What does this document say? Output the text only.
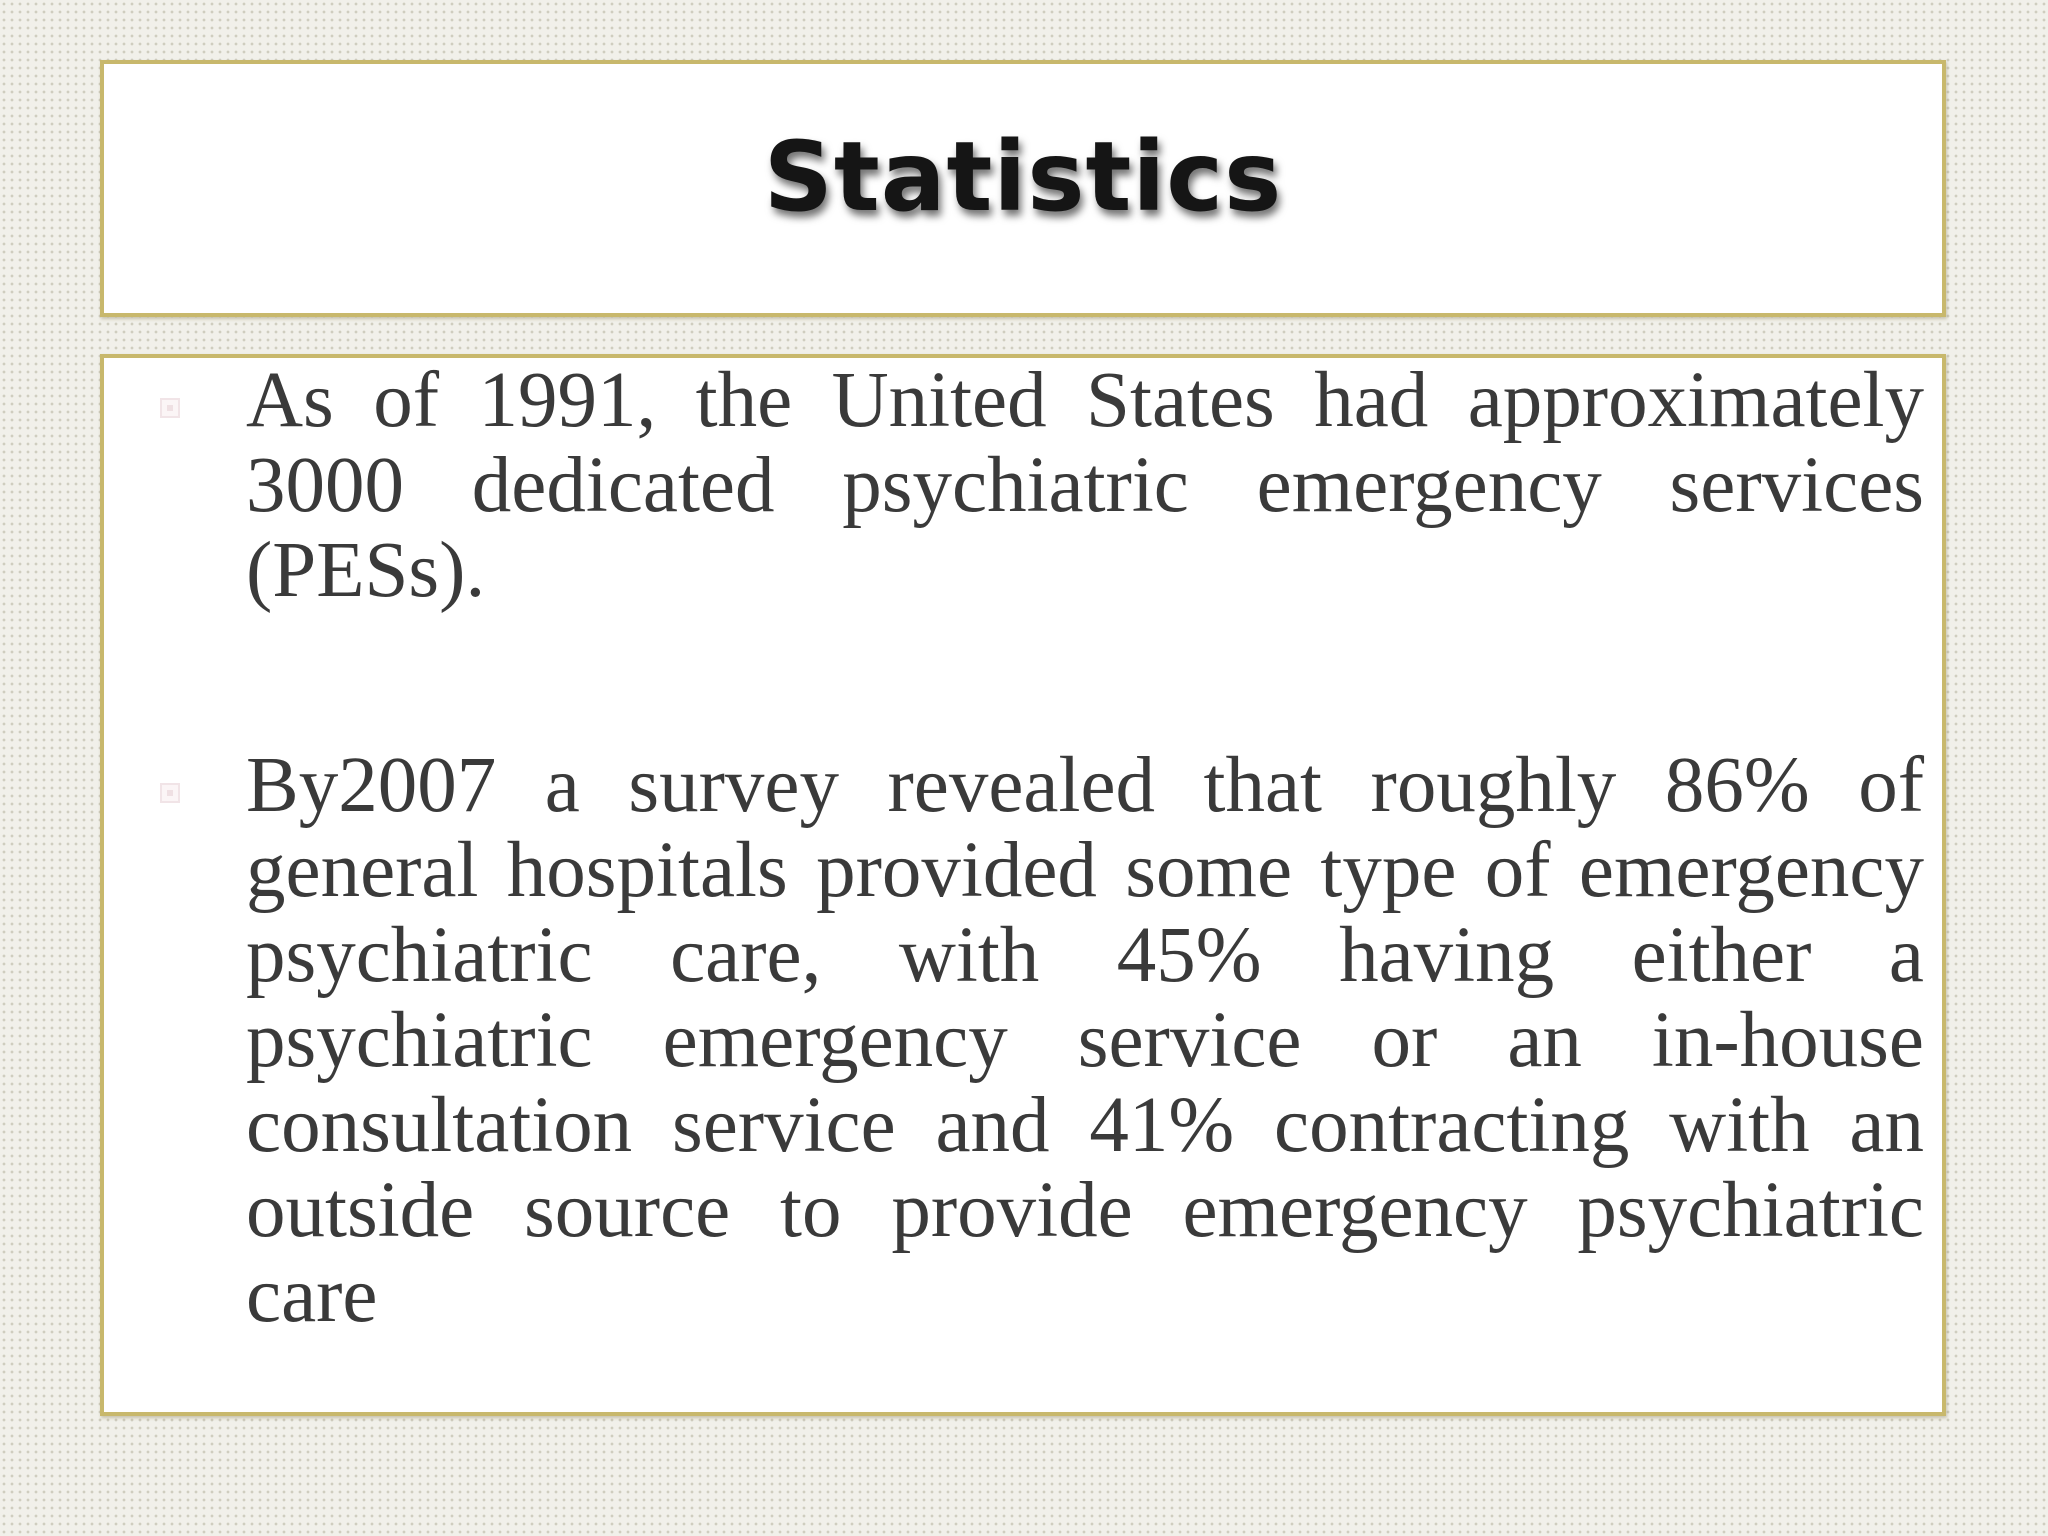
Statistics

As of 1991, the United States had approximately 3000 dedicated psychiatric emergency services (PESs).

By2007 a survey revealed that roughly 86% of general hospitals provided some type of emergency psychiatric care, with 45% having either a psychiatric emergency service or an in-house consultation service and 41% contracting with an outside source to provide emergency psychiatric care
